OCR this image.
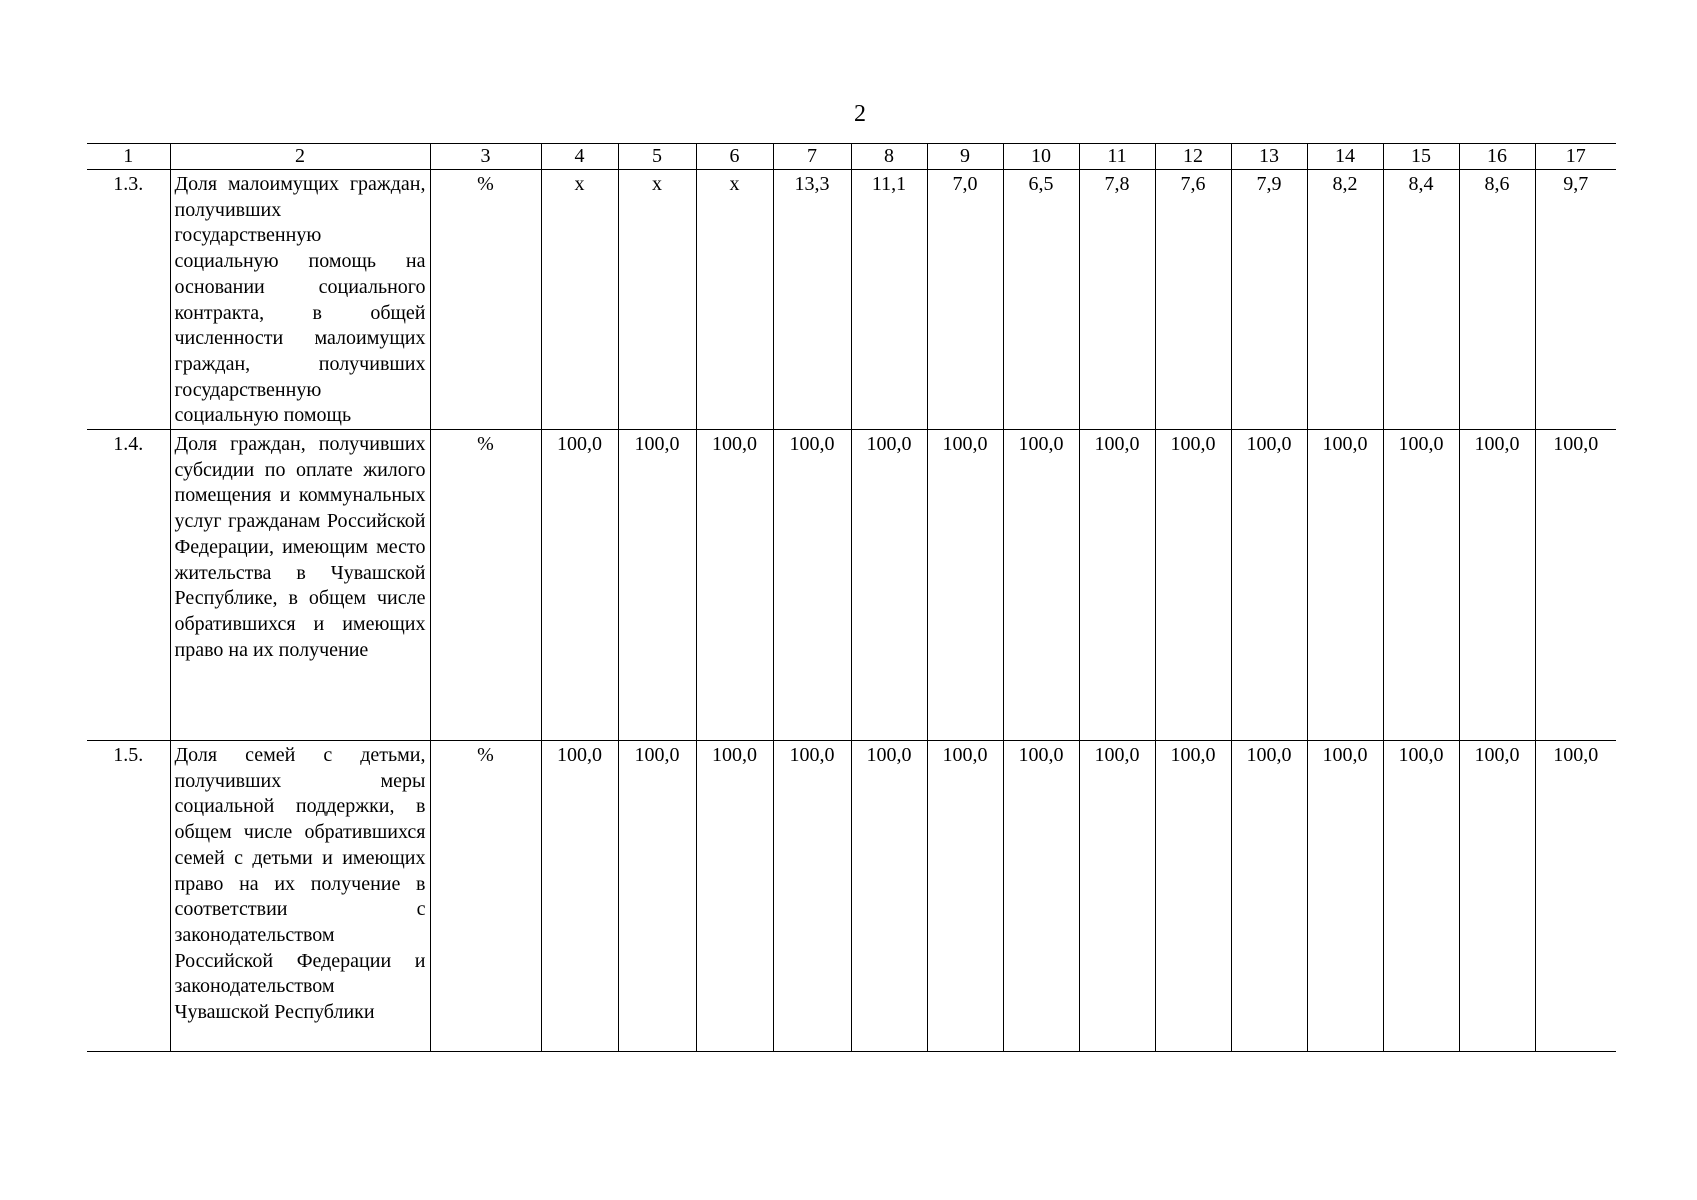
2
1	2	3	4	5	6	7	8	9	10	11	12	13	14	15	16	17
1.3.	Доля малоимущих граждан, получивших государственную социальную помощь на основании социального контракта, в общей численности малоимущих граждан, получивших государственную социальную помощь	%	x	x	x	13,3	11,1	7,0	6,5	7,8	7,6	7,9	8,2	8,4	8,6	9,7
1.4.	Доля граждан, получивших субсидии по оплате жилого помещения и коммунальных услуг гражданам Российской Федерации, имеющим место жительства в Чувашской Республике, в общем числе обратившихся и имеющих право на их получение	%	100,0	100,0	100,0	100,0	100,0	100,0	100,0	100,0	100,0	100,0	100,0	100,0	100,0	100,0
1.5.	Доля семей с детьми, получивших меры социальной поддержки, в общем числе обратившихся семей с детьми и имеющих право на их получение в соответствии с законодательством Российской Федерации и законодательством Чувашской Республики	%	100,0	100,0	100,0	100,0	100,0	100,0	100,0	100,0	100,0	100,0	100,0	100,0	100,0	100,0
